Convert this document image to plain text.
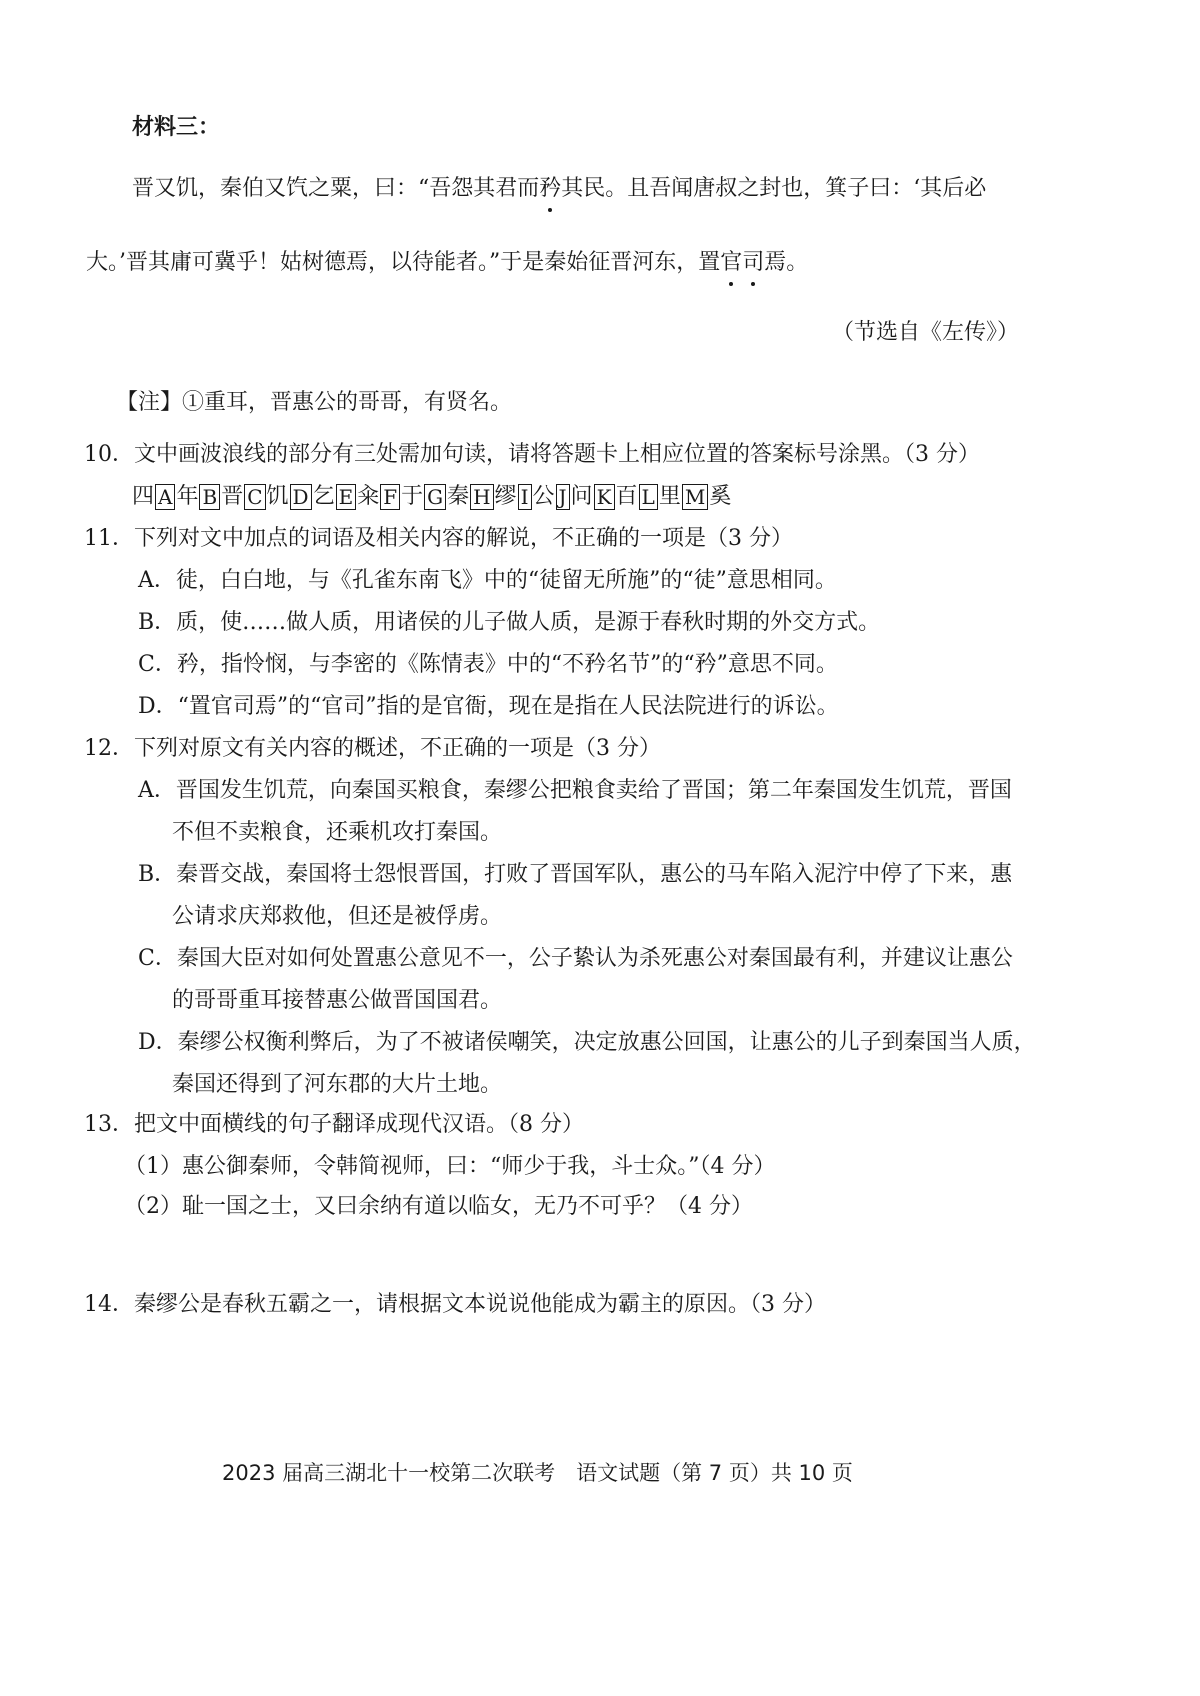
材料三：
晋又饥，秦伯又饩之粟，曰：“吾怨其君而矜其民。且吾闻唐叔之封也，箕子曰：‘其后必
大。’晋其庸可冀乎！姑树德焉，以待能者。”于是秦始征晋河东，置官司焉。
（节选自《左传》）
【注】①重耳，晋惠公的哥哥，有贤名。
10．文中画波浪线的部分有三处需加句读，请将答题卡上相应位置的答案标号涂黑。（3 分）
四 A 年 B 晋 C 饥 D 乞 E 籴 F 于 G 秦 H 缪 I 公 J 问 K 百 L 里 M 奚
11．下列对文中加点的词语及相关内容的解说，不正确的一项是（3 分）
A．徒，白白地，与《孔雀东南飞》中的“徒留无所施”的“徒”意思相同。
B．质，使……做人质，用诸侯的儿子做人质，是源于春秋时期的外交方式。
C．矜，指怜悯，与李密的《陈情表》中的“不矜名节”的“矜”意思不同。
D．“置官司焉”的“官司”指的是官衙，现在是指在人民法院进行的诉讼。
12．下列对原文有关内容的概述，不正确的一项是（3 分）
A．晋国发生饥荒，向秦国买粮食，秦缪公把粮食卖给了晋国；第二年秦国发生饥荒，晋国
不但不卖粮食，还乘机攻打秦国。
B．秦晋交战，秦国将士怨恨晋国，打败了晋国军队，惠公的马车陷入泥泞中停了下来，惠
公请求庆郑救他，但还是被俘虏。
C．秦国大臣对如何处置惠公意见不一，公子絷认为杀死惠公对秦国最有利，并建议让惠公
的哥哥重耳接替惠公做晋国国君。
D．秦缪公权衡利弊后，为了不被诸侯嘲笑，决定放惠公回国，让惠公的儿子到秦国当人质，
秦国还得到了河东郡的大片土地。
13．把文中面横线的句子翻译成现代汉语。（8 分）
（1）惠公御秦师，令韩简视师，曰：“师少于我，斗士众。”（4 分）
（2）耻一国之士，又曰余纳有道以临女，无乃不可乎？（4 分）
14．秦缪公是春秋五霸之一，请根据文本说说他能成为霸主的原因。（3 分）
2023 届高三湖北十一校第二次联考　语文试题（第 7 页）共 10 页
